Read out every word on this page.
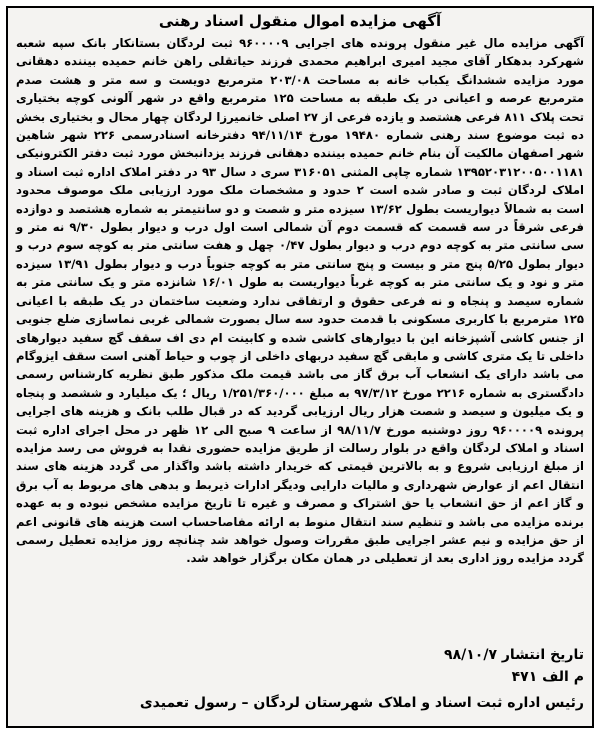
آگهی مزایده اموال منقول اسناد رهنی
آگهی مزایده مال غیر منقول پرونده های اجرایی ۹۶۰۰۰۰۹ ثبت لردگان بستانکار بانک سپه شعبه شهرکرد بدهکار آقای مجید امیری ابراهیم محمدی فرزند حیاتقلی راهن خانم حمیده بیننده دهقانی مورد مزایده ششدانگ یکباب خانه به مساحت ۲۰۳/۰۸ مترمربع دویست و سه متر و هشت صدم مترمربع عرصه و اعیانی در یک طبقه به مساحت ۱۲۵ مترمربع واقع در شهر آلونی کوچه بختیاری تحت پلاک ۸۱۱ فرعی هشتصد و یازده فرعی از ۲۷ اصلی خانمیرزا لردگان چهار محال و بختیاری بخش ده ثبت موضوع سند رهنی شماره ۱۹۴۸۰ مورخ ۹۴/۱۱/۱۴ دفترخانه اسنادرسمی ۲۲۶ شهر شاهین شهر اصفهان مالکیت آن بنام خانم حمیده بیننده دهقانی فرزند یزدانبخش مورد ثبت دفتر الکترونیکی ۱۳۹۵۲۰۳۱۲۰۰۵۰۰۱۱۸۱ شماره چاپی المثنی ۳۱۶۰۵۱ سری د سال ۹۳ در دفتر املاک اداره ثبت اسناد و املاک لردگان ثبت و صادر شده است ۲ حدود و مشخصات ملک مورد ارزیابی ملک موصوف محدود است به شمالاً دیواریست بطول ۱۳/۶۲ سیزده متر و شصت و دو سانتیمتر به شماره هشتصد و دوازده فرعی شرقاً در سه قسمت که قسمت دوم آن شمالی است اول درب و دیوار بطول ۹/۳۰ نه متر و سی سانتی متر به کوچه دوم درب و دیوار بطول ۰/۴۷ چهل و هفت سانتی متر به کوچه سوم درب و دیوار بطول ۵/۲۵ پنج متر و بیست و پنج سانتی متر به کوچه جنوباً درب و دیوار بطول ۱۳/۹۱ سیزده متر و نود و یک سانتی متر به کوچه غرباً دیواریست به طول ۱۶/۰۱ شانزده متر و یک سانتی متر به شماره سیصد و پنجاه و نه فرعی حقوق و ارتفاقی ندارد وضعیت ساختمان در یک طبقه با اعیانی ۱۲۵ مترمربع با کاربری مسکونی با قدمت حدود سه سال بصورت شمالی غربی نماسازی ضلع جنوبی از جنس کاشی آشپزخانه این با دیوارهای کاشی شده و کابینت ام دی اف سقف گچ سفید دیوارهای داخلی تا یک متری کاشی و مابقی گچ سفید دربهای داخلی از چوب و حیاط آهنی است سقف ایزوگام می باشد دارای یک انشعاب آب برق گاز می باشد قیمت ملک مذکور طبق نظریه کارشناس رسمی دادگستری به شماره ۲۲۱۶ مورخ ۹۷/۳/۱۲ به مبلغ ۱/۲۵۱/۳۶۰/۰۰۰ ریال ؛ یک میلیارد و ششصد و پنجاه و یک میلیون و سیصد و شصت هزار ریال ارزیابی گردید که در قبال طلب بانک و هزینه های اجرایی پرونده ۹۶۰۰۰۰۹ روز دوشنبه مورخ ۹۸/۱۱/۷ از ساعت ۹ صبح الی ۱۲ ظهر در محل اجرای اداره ثبت اسناد و املاک لردگان واقع در بلوار رسالت از طریق مزایده حضوری نقدا به فروش می رسد مزایده از مبلغ ارزیابی شروع و به بالاترین قیمتی که خریدار داشته باشد واگذار می گردد هزینه های سند انتقال اعم از عوارض شهرداری و مالیات دارایی ودیگر ادارات ذیربط و بدهی های مربوط به آب برق و گاز اعم از حق انشعاب یا حق اشتراک و مصرف و غیره تا تاریخ مزایده مشخص نبوده و به عهده برنده مزایده می باشد و تنظیم سند انتقال منوط به ارائه مفاصاحساب است هزینه های قانونی اعم از حق مزایده و نیم عشر اجرایی طبق مقررات وصول خواهد شد چنانچه روز مزایده تعطیل رسمی گردد مزایده روز اداری بعد از تعطیلی در همان مکان برگزار خواهد شد.
تاریخ انتشار ۹۸/۱۰/۷
م الف ۴۷۱
رئیس اداره ثبت اسناد و املاک شهرستان لردگان – رسول تعمیدی
